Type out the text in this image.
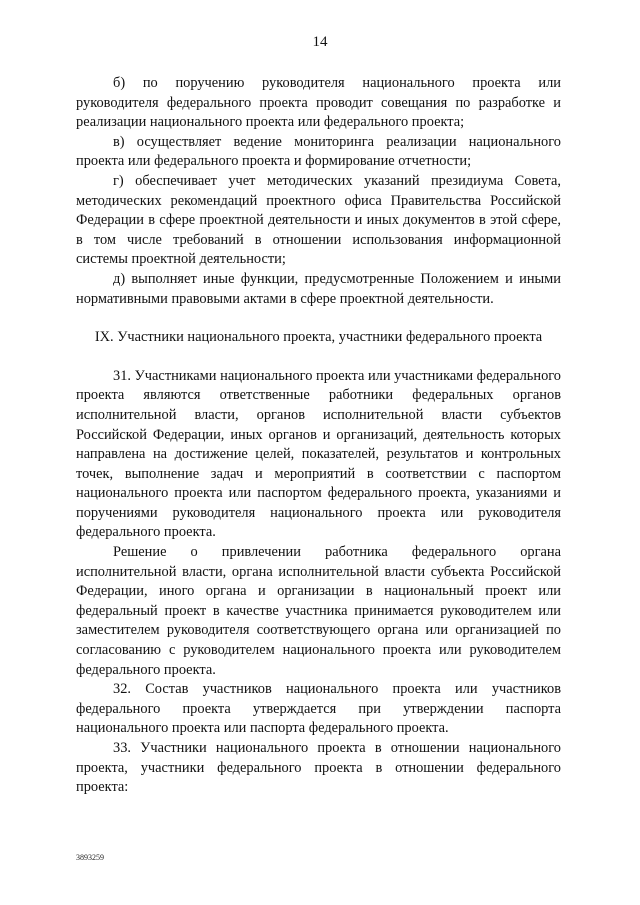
14

б) по поручению руководителя национального проекта или руководителя федерального проекта проводит совещания по разработке и реализации национального проекта или федерального проекта;

в) осуществляет ведение мониторинга реализации национального проекта или федерального проекта и формирование отчетности;

г) обеспечивает учет методических указаний президиума Совета, методических рекомендаций проектного офиса Правительства Российской Федерации в сфере проектной деятельности и иных документов в этой сфере, в том числе требований в отношении использования информационной системы проектной деятельности;

д) выполняет иные функции, предусмотренные Положением и иными нормативными правовыми актами в сфере проектной деятельности.

IX. Участники национального проекта, участники федерального проекта

31. Участниками национального проекта или участниками федерального проекта являются ответственные работники федеральных органов исполнительной власти, органов исполнительной власти субъектов Российской Федерации, иных органов и организаций, деятельность которых направлена на достижение целей, показателей, результатов и контрольных точек, выполнение задач и мероприятий в соответствии с паспортом национального проекта или паспортом федерального проекта, указаниями и поручениями руководителя национального проекта или руководителя федерального проекта.

Решение о привлечении работника федерального органа исполнительной власти, органа исполнительной власти субъекта Российской Федерации, иного органа и организации в национальный проект или федеральный проект в качестве участника принимается руководителем или заместителем руководителя соответствующего органа или организацией по согласованию с руководителем национального проекта или руководителем федерального проекта.

32. Состав участников национального проекта или участников федерального проекта утверждается при утверждении паспорта национального проекта или паспорта федерального проекта.

33. Участники национального проекта в отношении национального проекта, участники федерального проекта в отношении федерального проекта:

3893259
